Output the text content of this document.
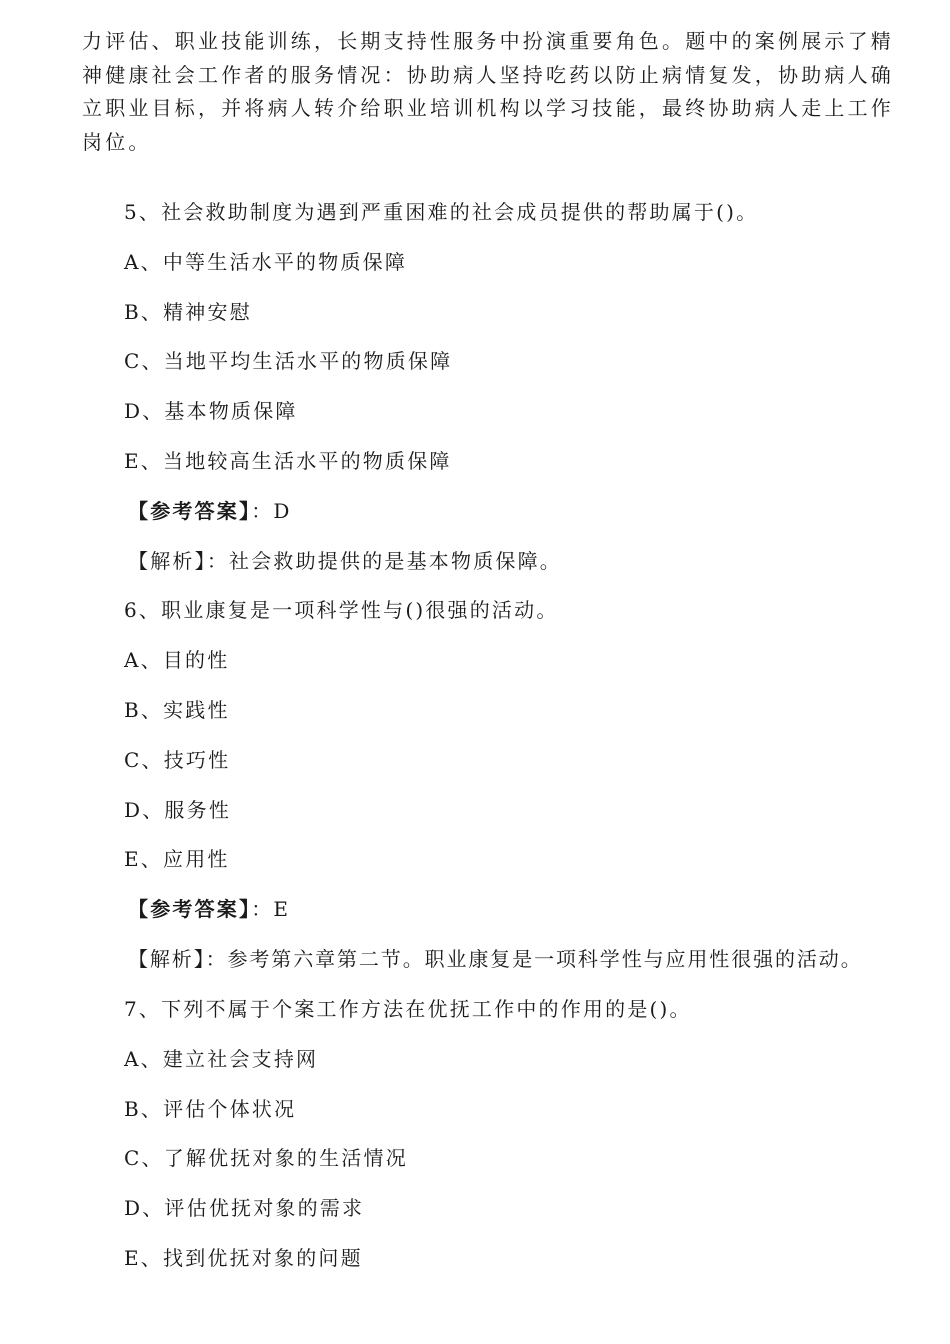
力评估、职业技能训练，长期支持性服务中扮演重要角色。题中的案例展示了精
神健康社会工作者的服务情况：协助病人坚持吃药以防止病情复发，协助病人确
立职业目标，并将病人转介给职业培训机构以学习技能，最终协助病人走上工作
岗位。
5、社会救助制度为遇到严重困难的社会成员提供的帮助属于()。
A、中等生活水平的物质保障
B、精神安慰
C、当地平均生活水平的物质保障
D、基本物质保障
E、当地较高生活水平的物质保障
【参考答案】：D
【解析】：社会救助提供的是基本物质保障。
6、职业康复是一项科学性与()很强的活动。
A、目的性
B、实践性
C、技巧性
D、服务性
E、应用性
【参考答案】：E
【解析】：参考第六章第二节。职业康复是一项科学性与应用性很强的活动。
7、下列不属于个案工作方法在优抚工作中的作用的是()。
A、建立社会支持网
B、评估个体状况
C、了解优抚对象的生活情况
D、评估优抚对象的需求
E、找到优抚对象的问题
